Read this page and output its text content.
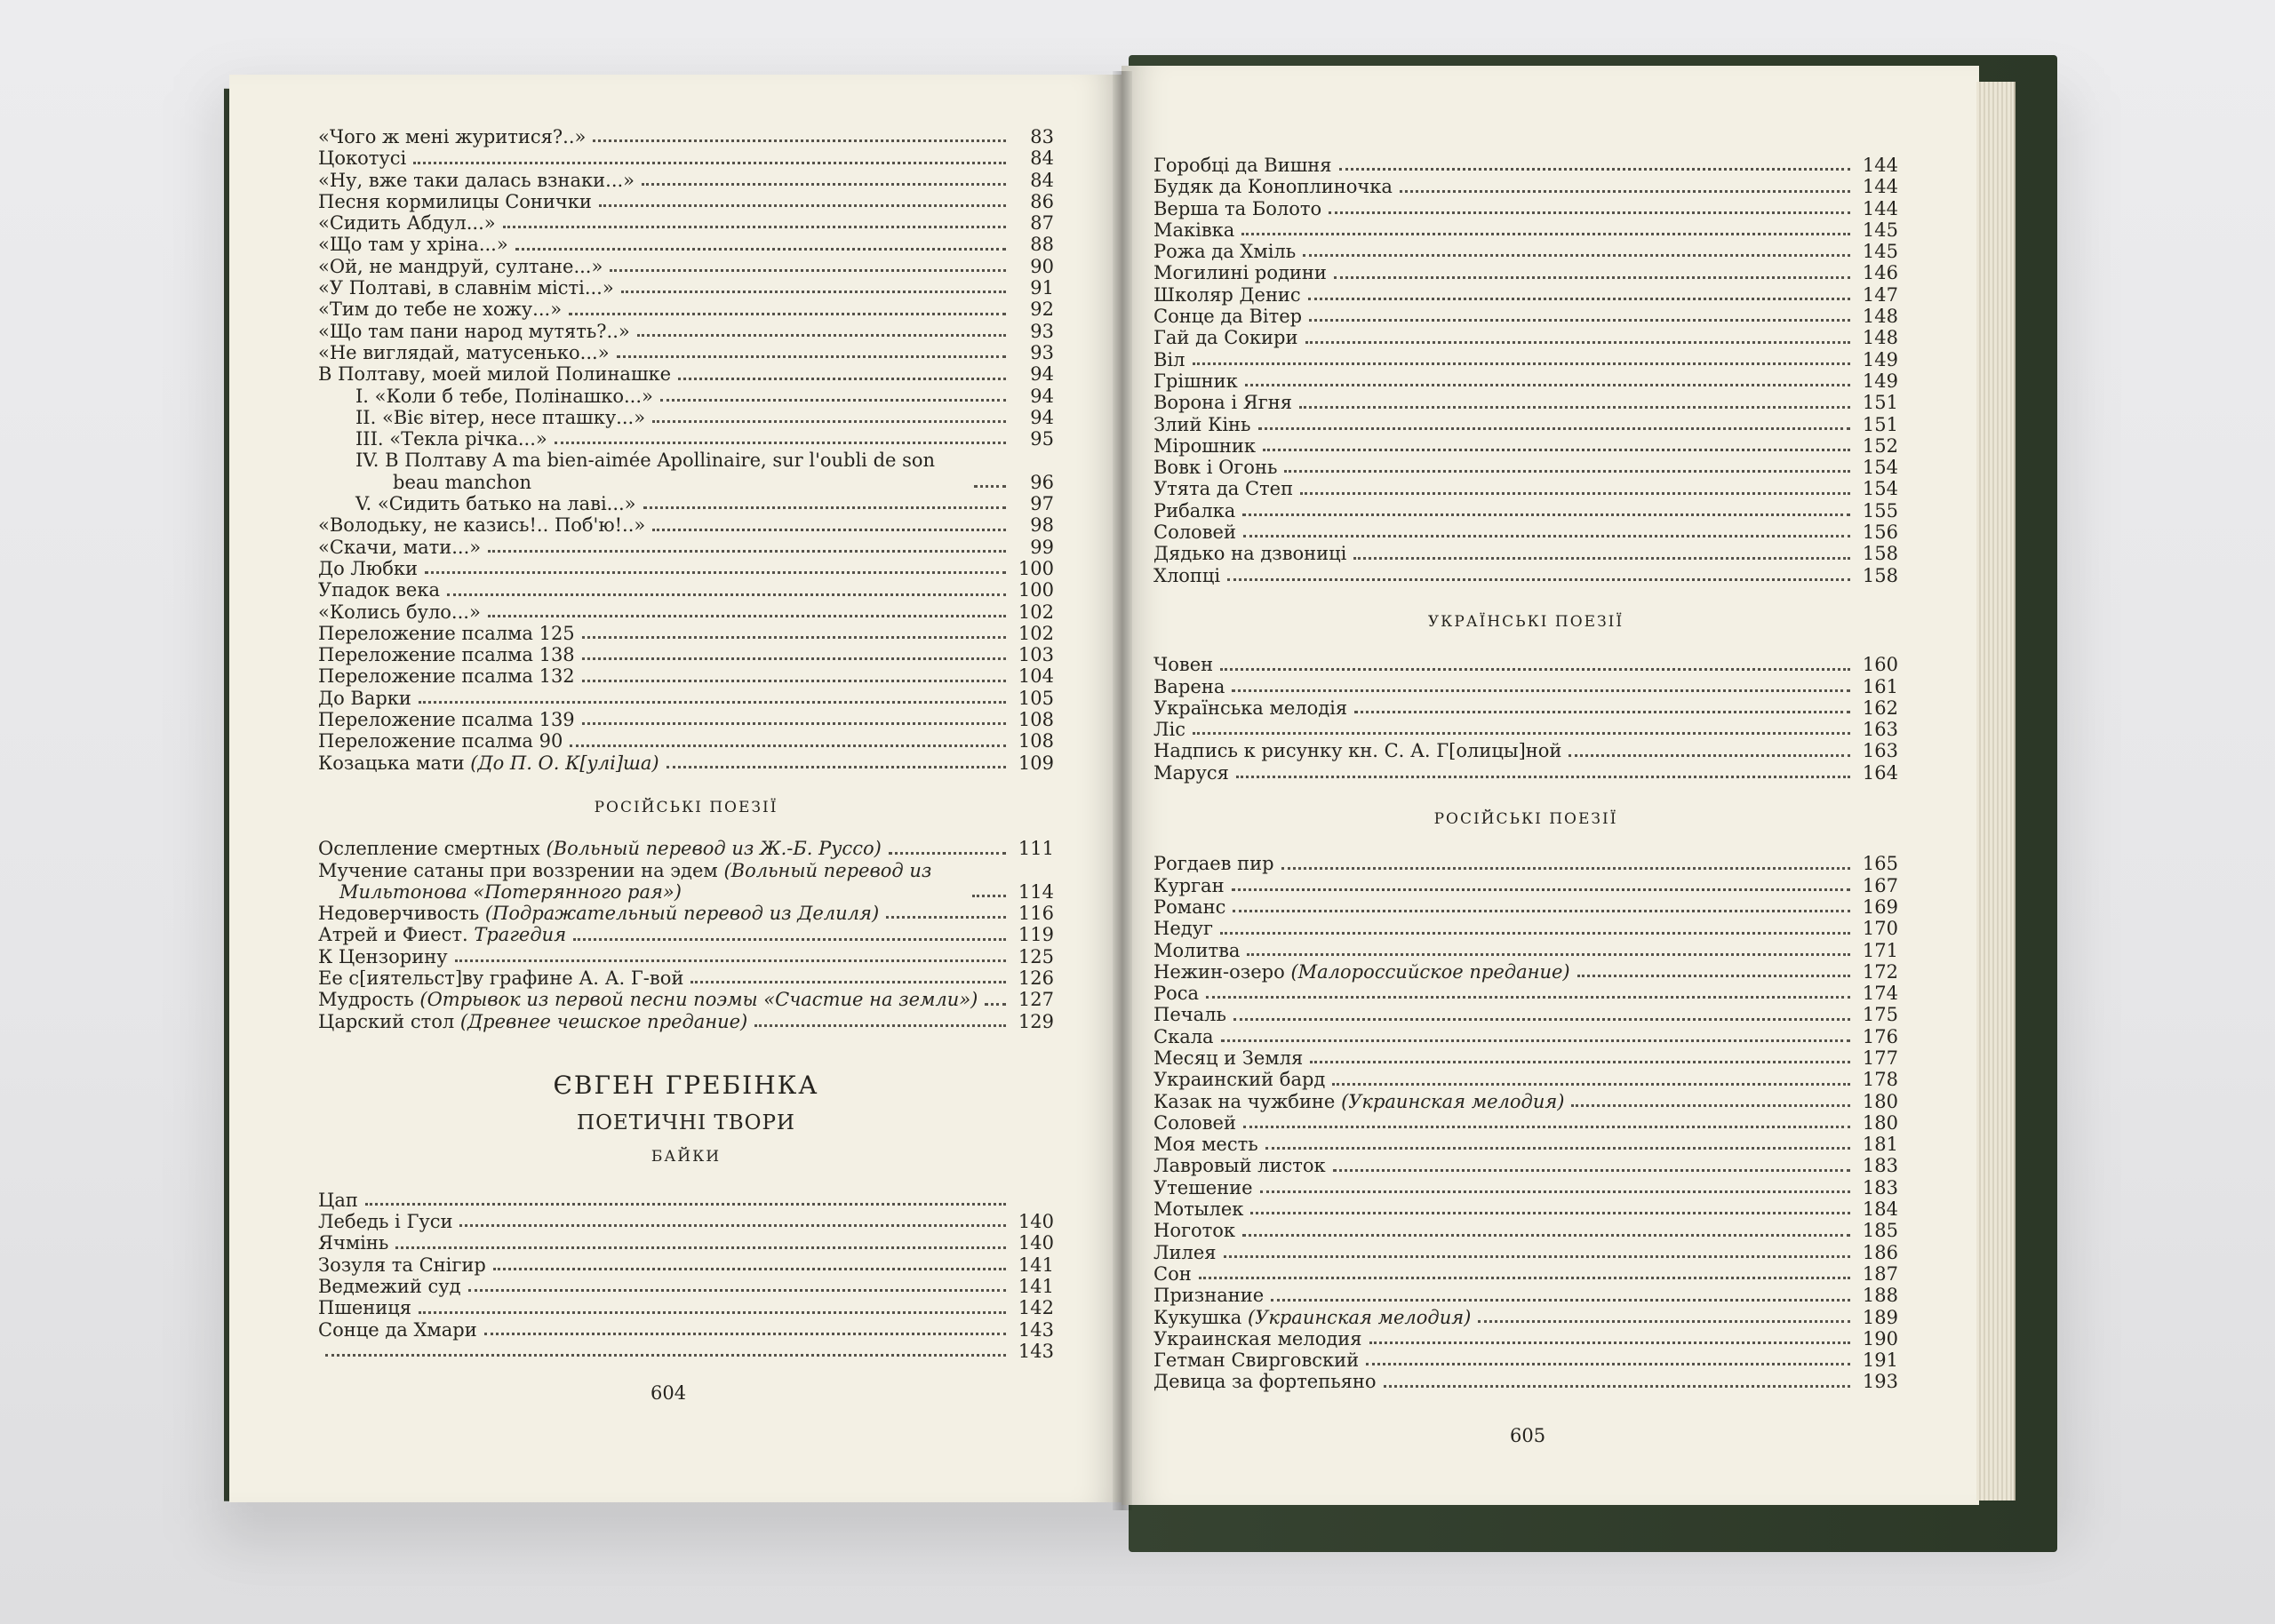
«Чого ж мені журитися?..»	83
Цокотусі	84
«Ну, вже таки далась взнаки...»	84
Песня кормилицы Сонички	86
«Сидить Абдул...»	87
«Що там у хріна...»	88
«Ой, не мандруй, султане...»	90
«У Полтаві, в славнім місті...»	91
«Тим до тебе не хожу...»	92
«Що там пани народ мутять?..»	93
«Не виглядай, матусенько...»	93
В Полтаву, моей милой Полинашке	94
I. «Коли б тебе, Полінашко...»	94
II. «Віє вітер, несе пташку...»	94
III. «Текла річка...»	95
IV. В Полтаву A ma bien-aimée Apollinaire, sur l'oubli de son
beau manchon	96
V. «Сидить батько на лаві...»	97
«Володьку, не казись!.. Поб'ю!..»	98
«Скачи, мати...»	99
До Любки	100
Упадок века	100
«Колись було...»	102
Переложение псалма 125	102
Переложение псалма 138	103
Переложение псалма 132	104
До Варки	105
Переложение псалма 139	108
Переложение псалма 90	108
Козацька мати (До П. О. К[улі]ша)	109
РОСІЙСЬКІ ПОЕЗІЇ
Ослепление смертных (Вольный перевод из Ж.-Б. Руссо)	111
Мучение сатаны при воззрении на эдем (Вольный перевод из
Мильтонова «Потерянного рая»)	114
Недоверчивость (Подражательный перевод из Делиля)	116
Атрей и Фиест. Трагедия	119
К Цензорину	125
Ее с[иятельст]ву графине А. А. Г-вой	126
Мудрость (Отрывок из первой песни поэмы «Счастие на земли») 127
Царский стол (Древнее чешское предание)	129
ЄВГЕН ГРЕБІНКА
ПОЕТИЧНІ ТВОРИ
БАЙКИ
Цап
Лебедь і Гуси	140
Ячмінь	140
Зозуля та Снігир	141
Ведмежий суд	141
Пшениця	142
Сонце да Хмари	143
143
604
Горобці да Вишня	144
Будяк да Коноплиночка	144
Верша та Болото	144
Маківка	145
Рожа да Хміль	145
Могилині родини	146
Школяр Денис	147
Сонце да Вітер	148
Гай да Сокири	148
Віл	149
Грішник	149
Ворона і Ягня	151
Злий Кінь	151
Мірошник	152
Вовк і Огонь	154
Утята да Степ	154
Рибалка	155
Соловей	156
Дядько на дзвониці	158
Хлопці	158
УКРАЇНСЬКІ ПОЕЗІЇ
Човен	160
Варена	161
Українська мелодія	162
Ліс	163
Надпись к рисунку кн. С. А. Г[олицы]ной	163
Маруся	164
РОСІЙСЬКІ ПОЕЗІЇ
Рогдаев пир	165
Курган	167
Романс	169
Недуг	170
Молитва	171
Нежин-озеро (Малороссийское предание)	172
Роса	174
Печаль	175
Скала	176
Месяц и Земля	177
Украинский бард	178
Казак на чужбине (Украинская мелодия)	180
Соловей	180
Моя месть	181
Лавровый листок	183
Утешение	183
Мотылек	184
Ноготок	185
Лилея	186
Сон	187
Признание	188
Кукушка (Украинская мелодия)	189
Украинская мелодия	190
Гетман Свирговский	191
Девица за фортепьяно	193
605
